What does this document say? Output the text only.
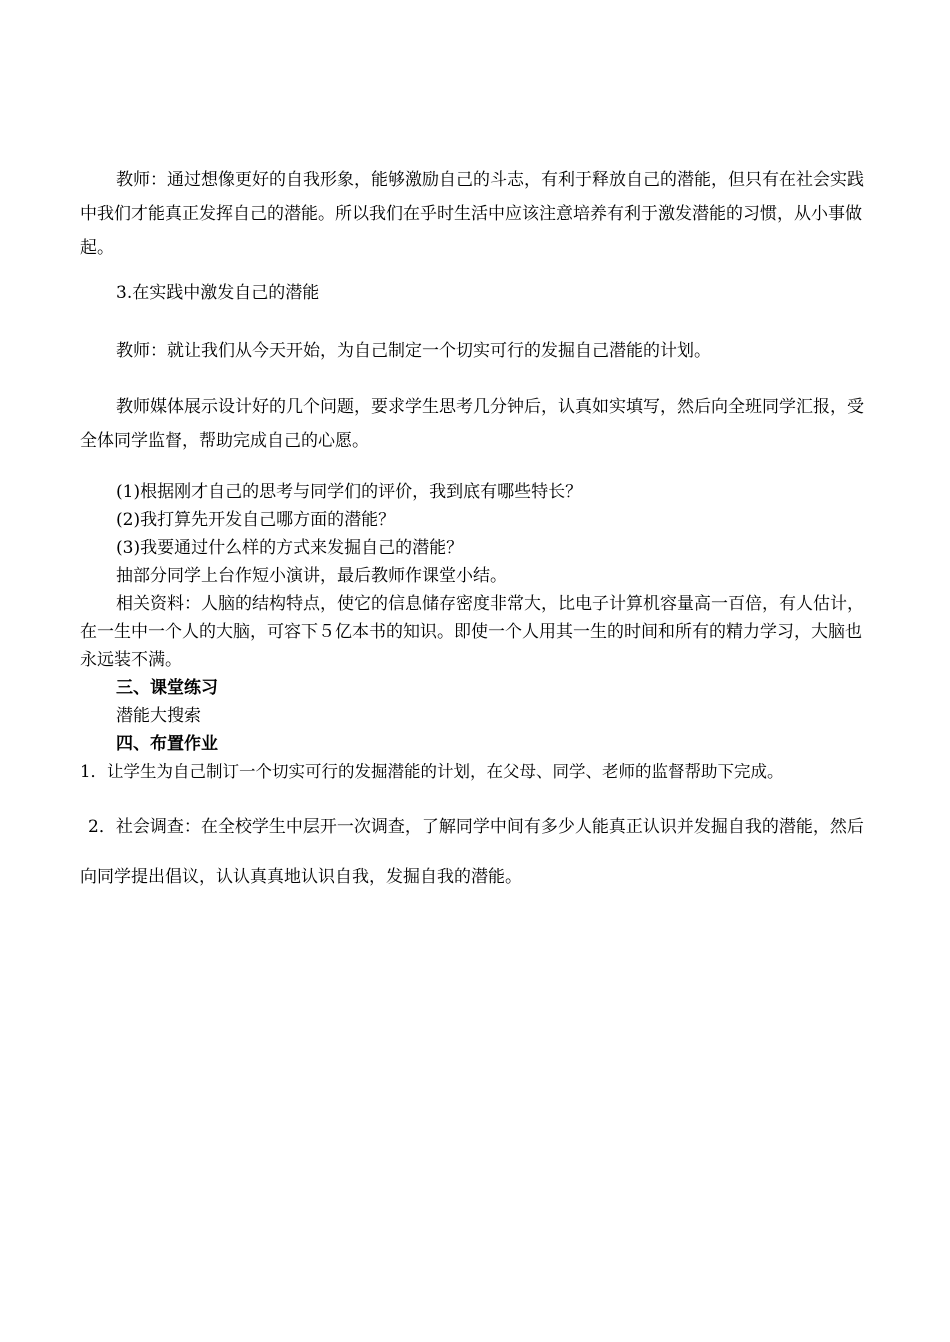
教师：通过想像更好的自我形象，能够激励自己的斗志，有利于释放自己的潜能，但只有在社会实践中我们才能真正发挥自己的潜能。所以我们在乎时生活中应该注意培养有利于激发潜能的习惯，从小事做起。
3.在实践中激发自己的潜能
教师：就让我们从今天开始，为自己制定一个切实可行的发掘自己潜能的计划。
教师媒体展示设计好的几个问题，要求学生思考几分钟后，认真如实填写，然后向全班同学汇报，受全体同学监督，帮助完成自己的心愿。
(1)根据刚才自己的思考与同学们的评价，我到底有哪些特长？
(2)我打算先开发自己哪方面的潜能？
(3)我要通过什么样的方式来发掘自己的潜能？
抽部分同学上台作短小演讲，最后教师作课堂小结。
相关资料：人脑的结构特点，使它的信息储存密度非常大，比电子计算机容量高一百倍，有人估计，在一生中一个人的大脑，可容下５亿本书的知识。即使一个人用其一生的时间和所有的精力学习，大脑也永远装不满。
三、课堂练习
潜能大搜索
四、布置作业
1．让学生为自己制订一个切实可行的发掘潜能的计划，在父母、同学、老师的监督帮助下完成。
2．社会调查：在全校学生中层开一次调查，了解同学中间有多少人能真正认识并发掘自我的潜能，然后向同学提出倡议，认认真真地认识自我，发掘自我的潜能。
